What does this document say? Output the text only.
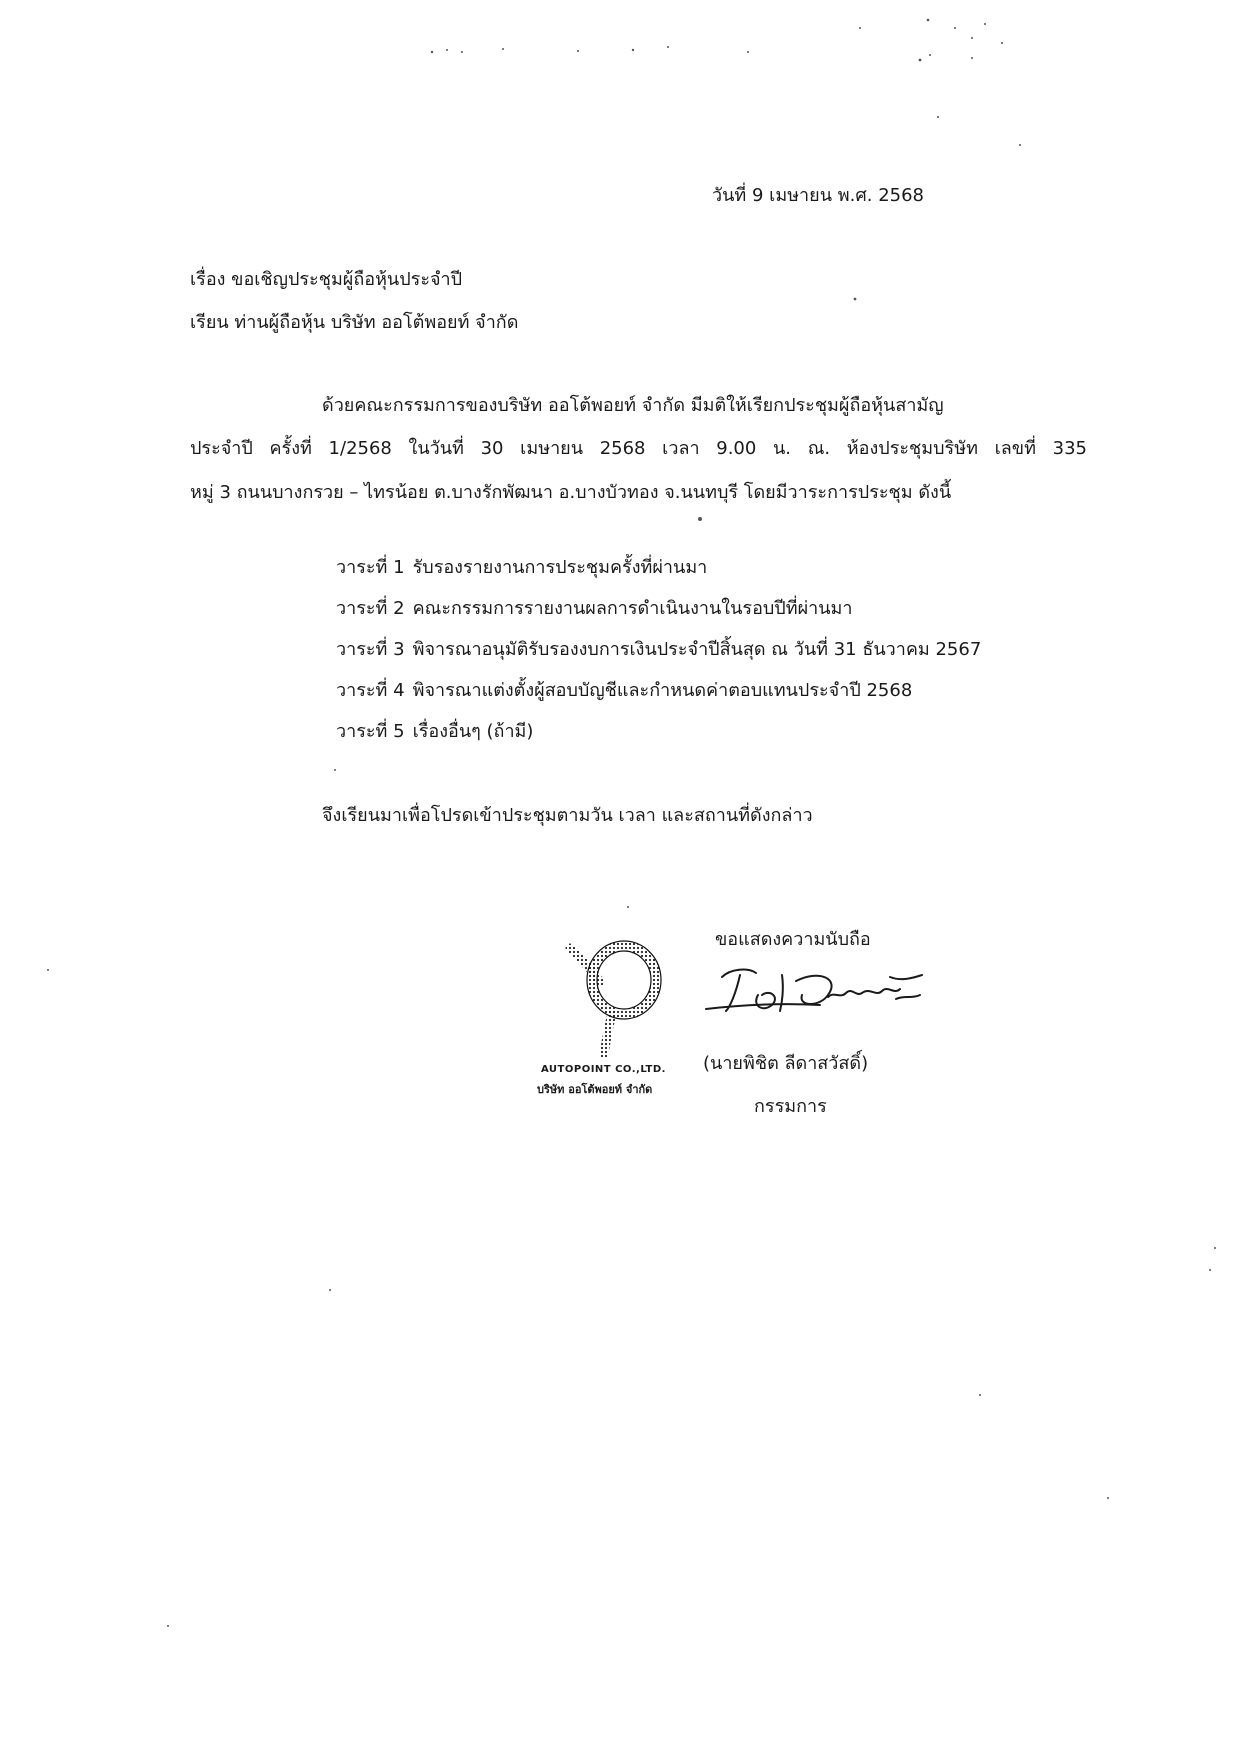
วันที่ 9 เมษายน พ.ศ. 2568
เรื่อง ขอเชิญประชุมผู้ถือหุ้นประจำปี
เรียน ท่านผู้ถือหุ้น บริษัท ออโต้พอยท์ จำกัด
ด้วยคณะกรรมการของบริษัท ออโต้พอยท์ จำกัด มีมติให้เรียกประชุมผู้ถือหุ้นสามัญ
ประจำปี ครั้งที่ 1/2568 ในวันที่ 30 เมษายน 2568 เวลา 9.00 น. ณ. ห้องประชุมบริษัท เลขที่ 335
หมู่ 3 ถนนบางกรวย – ไทรน้อย ต.บางรักพัฒนา อ.บางบัวทอง จ.นนทบุรี โดยมีวาระการประชุม ดังนี้
วาระที่ 1 รับรองรายงานการประชุมครั้งที่ผ่านมา
วาระที่ 2 คณะกรรมการรายงานผลการดำเนินงานในรอบปีที่ผ่านมา
วาระที่ 3 พิจารณาอนุมัติรับรองงบการเงินประจำปีสิ้นสุด ณ วันที่ 31 ธันวาคม 2567
วาระที่ 4 พิจารณาแต่งตั้งผู้สอบบัญชีและกำหนดค่าตอบแทนประจำปี 2568
วาระที่ 5 เรื่องอื่นๆ (ถ้ามี)
จึงเรียนมาเพื่อโปรดเข้าประชุมตามวัน เวลา และสถานที่ดังกล่าว
ขอแสดงความนับถือ
AUTOPOINT CO.,LTD.
บริษัท ออโต้พอยท์ จำกัด
(นายพิชิต ลีดาสวัสดิ์)
กรรมการ
